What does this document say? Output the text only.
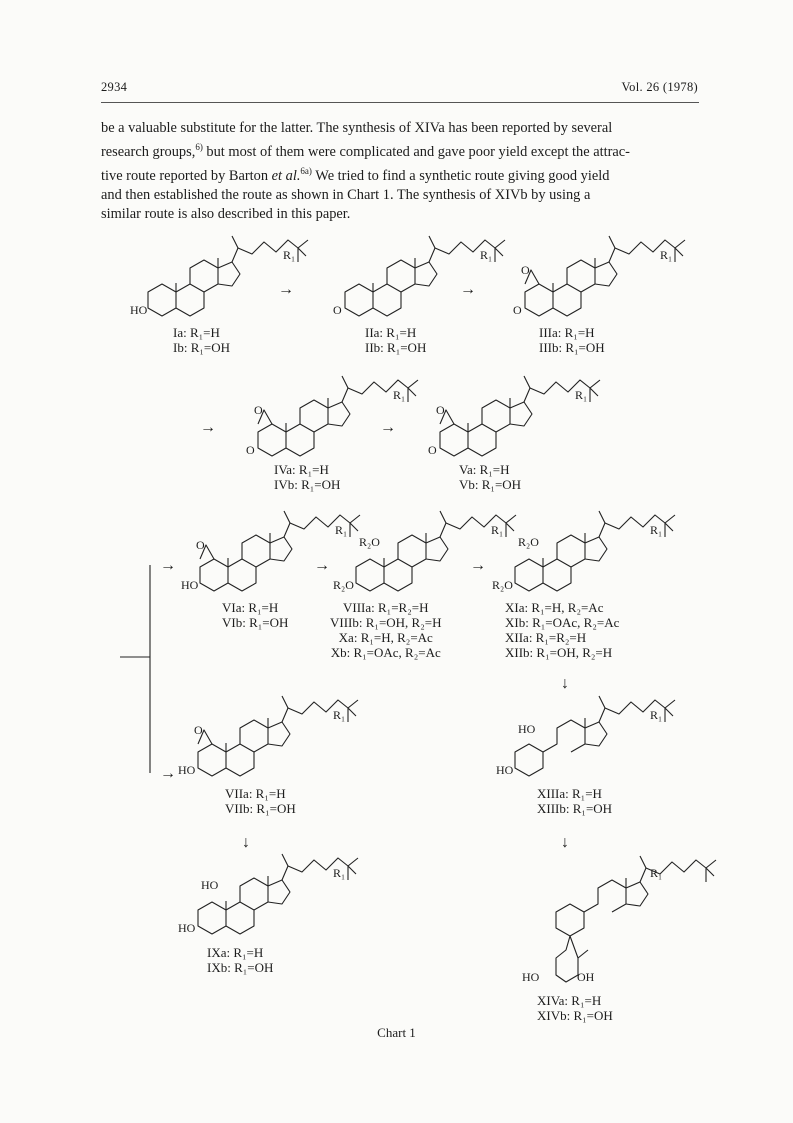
2934	Vol. 26 (1978)
be a valuable substitute for the latter. The synthesis of XIVa has been reported by several
research groups,$^{6)}$ but most of them were complicated and gave poor yield except the attrac-
tive route reported by Barton et al.$^{6a)}$ We tried to find a synthetic route giving good yield
and then established the route as shown in Chart 1. The synthesis of XIVb by using a
similar route is also described in this paper.
→	→
→	→
→	→	→
→
↓
↓
↓
R₁	R₁	R₁
R₁	R₁
R₁	R₁	R₁
R₁	R₁
R₁	R₁
HO	O	O
O
O
O
O
O
O
HO
R₂O
R₂O
R₂O
R₂O
O
HO
HO
HO
HO
HO
HO	OH
Ia: R₁=H
Ib: R₁=OH
IIa: R₁=H
IIb: R₁=OH
IIIa: R₁=H
IIIb: R₁=OH
IVa: R₁=H
IVb: R₁=OH
Va: R₁=H
Vb: R₁=OH
VIa: R₁=H
VIb: R₁=OH
VIIIa: R₁=R₂=H
VIIIb: R₁=OH, R₂=H
Xa: R₁=H, R₂=Ac
Xb: R₁=OAc, R₂=Ac
XIa: R₁=H, R₂=Ac
XIb: R₁=OAc, R₂=Ac
XIIa: R₁=R₂=H
XIIb: R₁=OH, R₂=H
VIIa: R₁=H
VIIb: R₁=OH
XIIIa: R₁=H
XIIIb: R₁=OH
IXa: R₁=H
IXb: R₁=OH
XIVa: R₁=H
XIVb: R₁=OH
Chart 1
